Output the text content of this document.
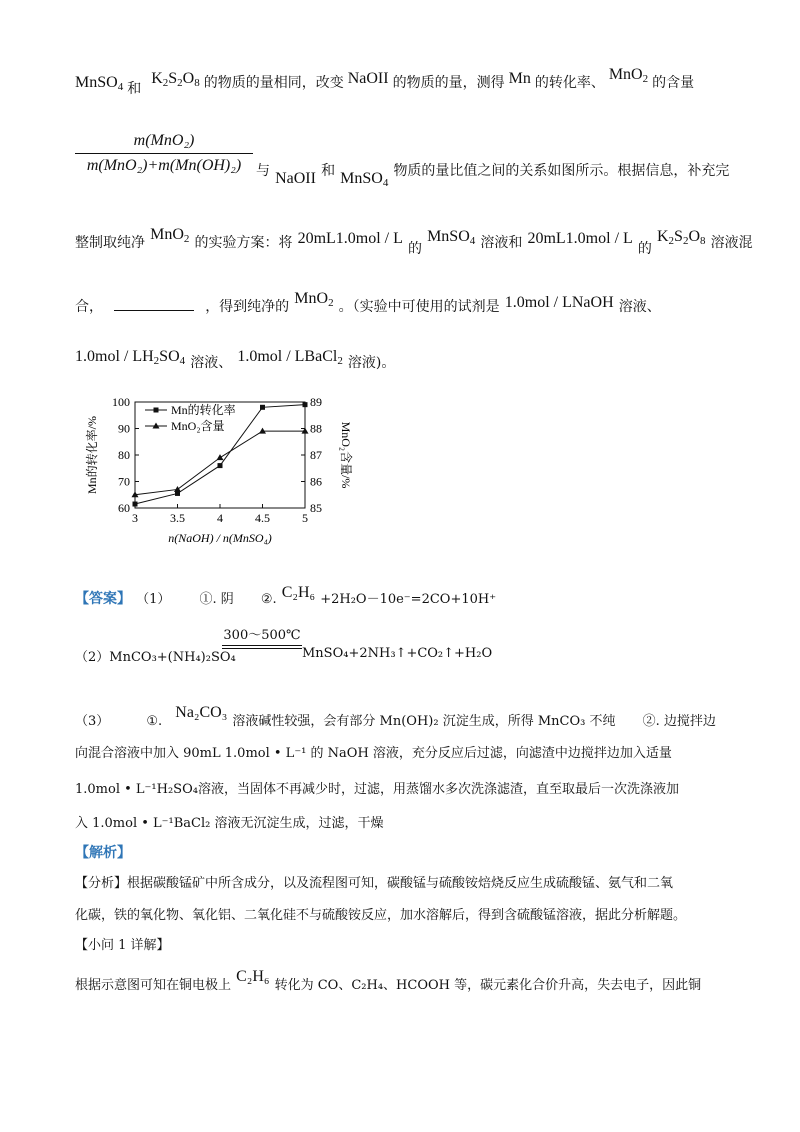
MnSO$_4$ 和 $K_2S_2O_8$ 的物质的量相同，改变 NaOII 的物质的量，测得 Mn 的转化率、 MnO$_2$ 的含量
m(MnO₂)
m(MnO₂)+m(Mn(OH)₂)	与 NaOII 和 MnSO$_4$ 物质的量比值之间的关系如图所示。根据信息，补充完
整制取纯净 MnO$_2$ 的实验方案：将 20mL1.0mol / L 的 MnSO$_4$ 溶液和 20mL1.0mol / L 的 $K_2S_2O_8$ 溶液混
合，	，得到纯净的 MnO$_2$ 。（实验中可使用的试剂是 1.0mol / LNaOH 溶液、
$1.0mol / LH_2SO_4$ 溶液、 1.0mol / LBaCl$_2$ 溶液)。
3	3.5	4	4.5	5
60
70
80
90
100
85
86
87
88
89
n(NaOH) / n(MnSO₄)
Mn的转化率/%	MnO₂含量/%
Mn的转化率
MnO₂含量
【答案】 （1） ①. 阴 ②. C₂H₆ +2H₂O－10e⁻=2CO+10H⁺
（2）MnCO₃+(NH₄)₂SO₄
300～500℃
MnSO₄+2NH₃↑+CO₂↑+H₂O
（3）	①. Na₂CO₃ 溶液碱性较强，会有部分 Mn(OH)₂ 沉淀生成，所得 MnCO₃ 不纯 ②. 边搅拌边
向混合溶液中加入 90mL 1.0mol • L⁻¹ 的 NaOH 溶液，充分反应后过滤，向滤渣中边搅拌边加入适量
1.0mol • L⁻¹H₂SO₄溶液，当固体不再减少时，过滤，用蒸馏水多次洗涤滤渣，直至取最后一次洗涤液加
入 1.0mol • L⁻¹BaCl₂ 溶液无沉淀生成，过滤，干燥
【解析】
【分析】根据碳酸锰矿中所含成分，以及流程图可知，碳酸锰与硫酸铵焙烧反应生成硫酸锰、氨气和二氧
化碳，铁的氧化物、氧化铝、二氧化硅不与硫酸铵反应，加水溶解后，得到含硫酸锰溶液，据此分析解题。
【小问 1 详解】
根据示意图可知在铜电极上 C₂H₆ 转化为 CO、C₂H₄、HCOOH 等，碳元素化合价升高，失去电子，因此铜
